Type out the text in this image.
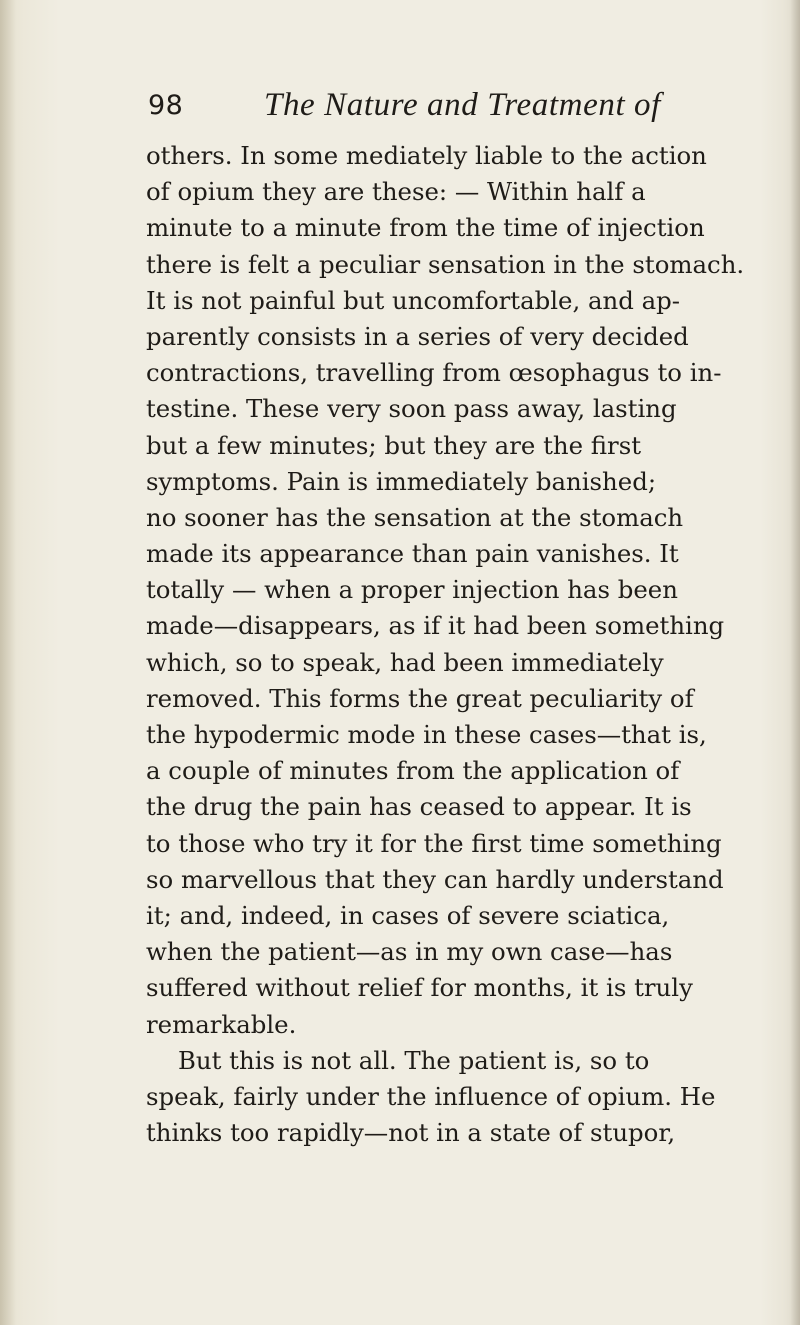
98 The Nature and Treatment of
others. In some mediately liable to the action
of opium they are these: — Within half a
minute to a minute from the time of injection
there is felt a peculiar sensation in the stomach.
It is not painful but uncomfortable, and ap-
parently consists in a series of very decided
contractions, travelling from œsophagus to in-
testine. These very soon pass away, lasting
but a few minutes; but they are the first
symptoms. Pain is immediately banished;
no sooner has the sensation at the stomach
made its appearance than pain vanishes. It
totally — when a proper injection has been
made—disappears, as if it had been something
which, so to speak, had been immediately
removed. This forms the great peculiarity of
the hypodermic mode in these cases—that is,
a couple of minutes from the application of
the drug the pain has ceased to appear. It is
to those who try it for the first time something
so marvellous that they can hardly understand
it; and, indeed, in cases of severe sciatica,
when the patient—as in my own case—has
suffered without relief for months, it is truly
remarkable.
But this is not all. The patient is, so to
speak, fairly under the influence of opium. He
thinks too rapidly—not in a state of stupor,
